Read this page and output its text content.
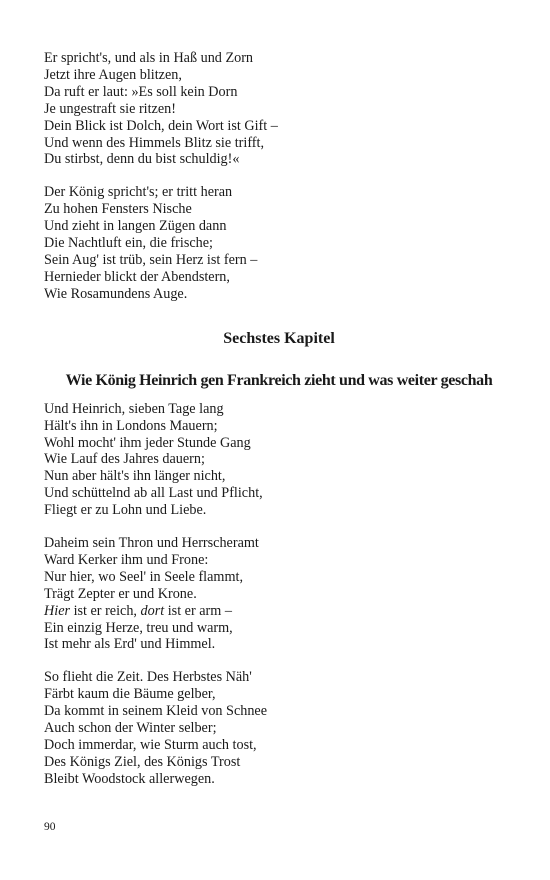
Er spricht's, und als in Haß und Zorn
Jetzt ihre Augen blitzen,
Da ruft er laut: »Es soll kein Dorn
Je ungestraft sie ritzen!
Dein Blick ist Dolch, dein Wort ist Gift –
Und wenn des Himmels Blitz sie trifft,
Du stirbst, denn du bist schuldig!«
Der König spricht's; er tritt heran
Zu hohen Fensters Nische
Und zieht in langen Zügen dann
Die Nachtluft ein, die frische;
Sein Aug' ist trüb, sein Herz ist fern –
Hernieder blickt der Abendstern,
Wie Rosamundens Auge.
Sechstes Kapitel
Wie König Heinrich gen Frankreich zieht und was weiter geschah
Und Heinrich, sieben Tage lang
Hält's ihn in Londons Mauern;
Wohl mocht' ihm jeder Stunde Gang
Wie Lauf des Jahres dauern;
Nun aber hält's ihn länger nicht,
Und schüttelnd ab all Last und Pflicht,
Fliegt er zu Lohn und Liebe.
Daheim sein Thron und Herrscheramt
Ward Kerker ihm und Frone:
Nur hier, wo Seel' in Seele flammt,
Trägt Zepter er und Krone.
Hier ist er reich, dort ist er arm –
Ein einzig Herze, treu und warm,
Ist mehr als Erd' und Himmel.
So flieht die Zeit. Des Herbstes Näh'
Färbt kaum die Bäume gelber,
Da kommt in seinem Kleid von Schnee
Auch schon der Winter selber;
Doch immerdar, wie Sturm auch tost,
Des Königs Ziel, des Königs Trost
Bleibt Woodstock allerwegen.
90
